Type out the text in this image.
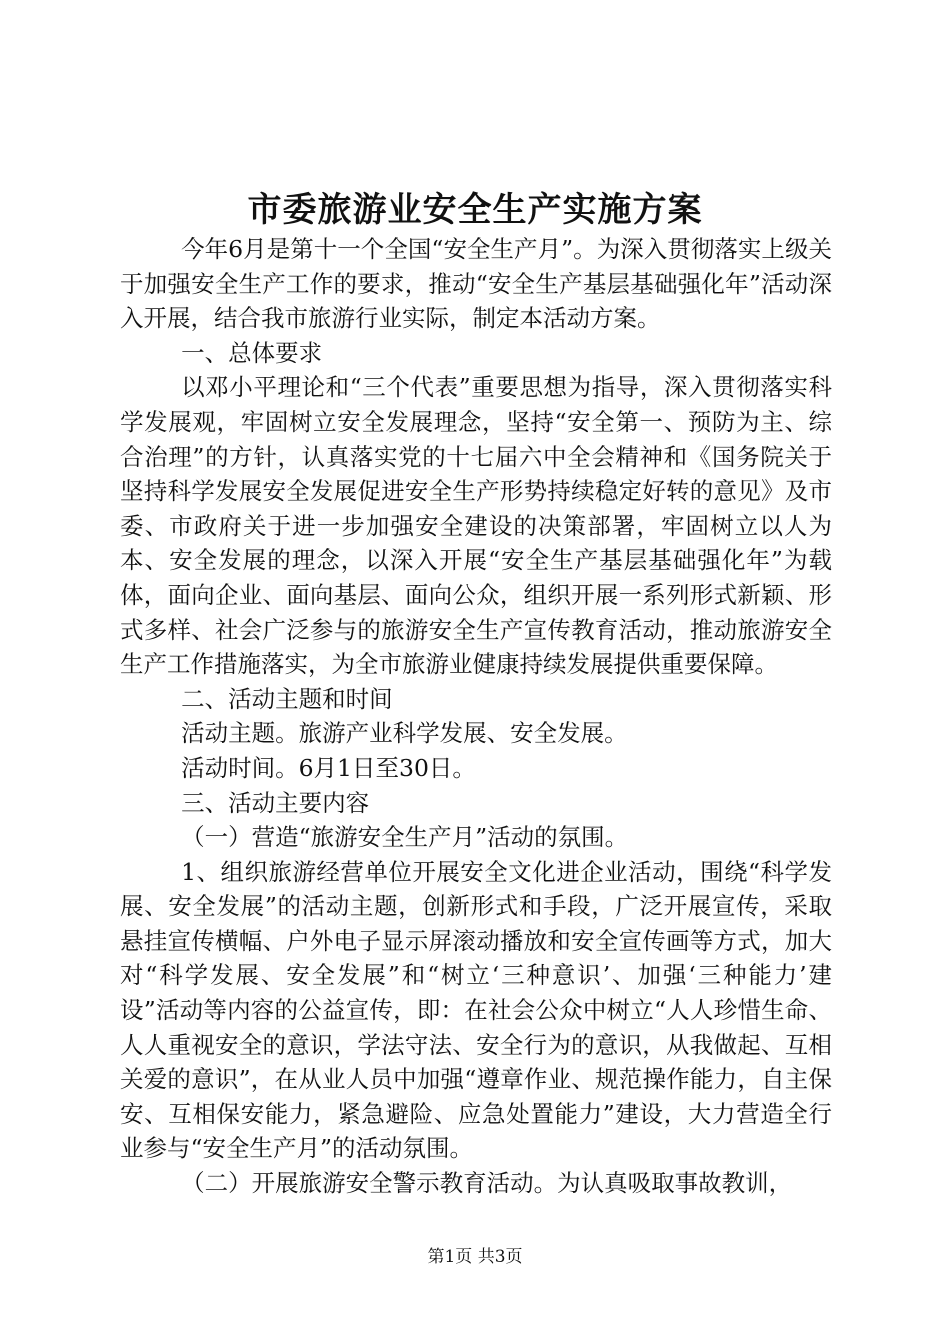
市委旅游业安全生产实施方案

今年6月是第十一个全国“安全生产月”。为深入贯彻落实上级关于加强安全生产工作的要求，推动“安全生产基层基础强化年”活动深入开展，结合我市旅游行业实际，制定本活动方案。

一、总体要求

以邓小平理论和“三个代表”重要思想为指导，深入贯彻落实科学发展观，牢固树立安全发展理念，坚持“安全第一、预防为主、综合治理”的方针，认真落实党的十七届六中全会精神和《国务院关于坚持科学发展安全发展促进安全生产形势持续稳定好转的意见》及市委、市政府关于进一步加强安全建设的决策部署，牢固树立以人为本、安全发展的理念，以深入开展“安全生产基层基础强化年”为载体，面向企业、面向基层、面向公众，组织开展一系列形式新颖、形式多样、社会广泛参与的旅游安全生产宣传教育活动，推动旅游安全生产工作措施落实，为全市旅游业健康持续发展提供重要保障。

二、活动主题和时间

活动主题。旅游产业科学发展、安全发展。

活动时间。6月1日至30日。

三、活动主要内容

（一）营造“旅游安全生产月”活动的氛围。

1、组织旅游经营单位开展安全文化进企业活动，围绕“科学发展、安全发展”的活动主题，创新形式和手段，广泛开展宣传，采取悬挂宣传横幅、户外电子显示屏滚动播放和安全宣传画等方式，加大对“科学发展、安全发展”和“树立‘三种意识’、加强‘三种能力’建设”活动等内容的公益宣传，即：在社会公众中树立“人人珍惜生命、人人重视安全的意识，学法守法、安全行为的意识，从我做起、互相关爱的意识”，在从业人员中加强“遵章作业、规范操作能力，自主保安、互相保安能力，紧急避险、应急处置能力”建设，大力营造全行业参与“安全生产月”的活动氛围。

（二）开展旅游安全警示教育活动。为认真吸取事故教训，

第1页 共3页
